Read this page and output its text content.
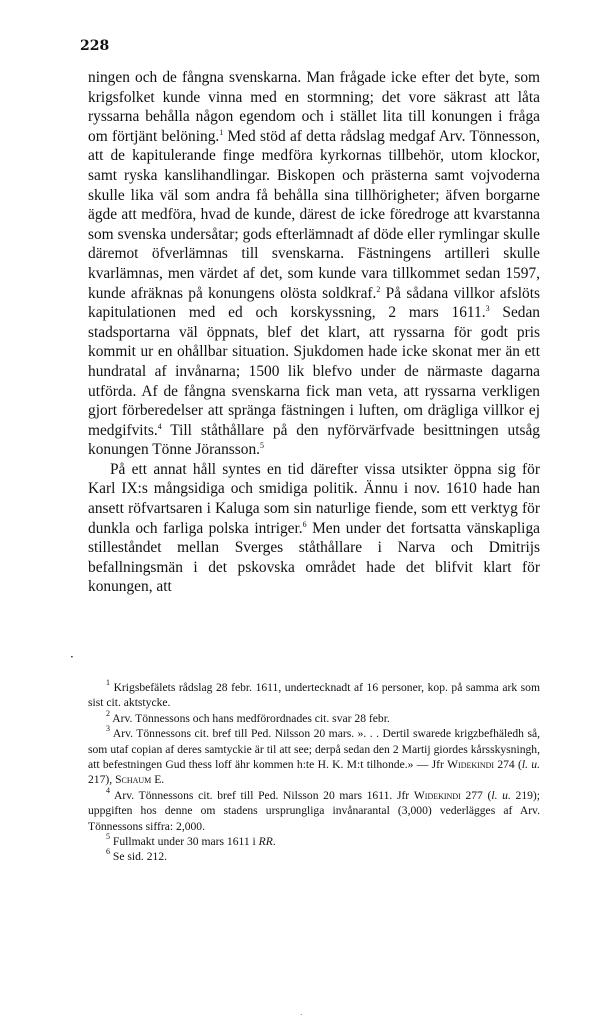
228

ningen och de fångna svenskarna. Man frågade icke efter det byte, som krigsfolket kunde vinna med en stormning; det vore säkrast att låta ryssarna behålla någon egendom och i stället lita till konungen i fråga om förtjänt belöning.$^1$ Med stöd af detta rådslag medgaf Arv. Tönnesson, att de kapitulerande finge medföra kyrkornas tillbehör, utom klockor, samt ryska kanslihandlingar. Biskopen och prästerna samt vojvoderna skulle lika väl som andra få behålla sina tillhörigheter; äfven borgarne ägde att medföra, hvad de kunde, därest de icke föredroge att kvarstanna som svenska undersåtar; gods efterlämnadt af döde eller rymlingar skulle däremot öfverlämnas till svenskarna. Fästningens artilleri skulle kvarlämnas, men värdet af det, som kunde vara tillkommet sedan 1597, kunde afräknas på konungens olösta soldkraf.$^2$ På sådana villkor afslöts kapitulationen med ed och korskyssning, 2 mars 1611.$^3$ Sedan stadsportarna väl öppnats, blef det klart, att ryssarna för godt pris kommit ur en ohållbar situation. Sjukdomen hade icke skonat mer än ett hundratal af invånarna; 1500 lik blefvo under de närmaste dagarna utförda. Af de fångna svenskarna fick man veta, att ryssarna verkligen gjort förberedelser att spränga fästningen i luften, om drägliga villkor ej medgifvits.$^4$ Till ståthållare på den nyförvärfvade besittningen utsåg konungen Tönne Jöransson.$^5$

På ett annat håll syntes en tid därefter vissa utsikter öppna sig för Karl IX:s mångsidiga och smidiga politik. Ännu i nov. 1610 hade han ansett röfvartsaren i Kaluga som sin naturlige fiende, som ett verktyg för dunkla och farliga polska intriger.$^6$ Men under det fortsatta vänskapliga stilleståndet mellan Sverges ståthållare i Narva och Dmitrijs befallningsmän i det pskovska området hade det blifvit klart för konungen, att

·

$^1$ Krigsbefälets rådslag 28 febr. 1611, undertecknadt af 16 personer, kop. på samma ark som sist cit. aktstycke.

$^2$ Arv. Tönnessons och hans medförordnades cit. svar 28 febr.

$^3$ Arv. Tönnessons cit. bref till Ped. Nilsson 20 mars. ». . . Dertil swarede krigzbefhäledh så, som utaf copian af deres samtyckie är til att see; derpå sedan den 2 Martij giordes kårsskysningh, att befestningen Gud thess loff ähr kommen h:te H. K. M:t tilhonde.» — Jfr Widekindi 274 (l. u. 217), Schaum E.

$^4$ Arv. Tönnessons cit. bref till Ped. Nilsson 20 mars 1611. Jfr Widekindi 277 (l. u. 219); uppgiften hos denne om stadens ursprungliga invånarantal (3,000) vederlägges af Arv. Tönnessons siffra: 2,000.

$^5$ Fullmakt under 30 mars 1611 i RR.

$^6$ Se sid. 212.

.
